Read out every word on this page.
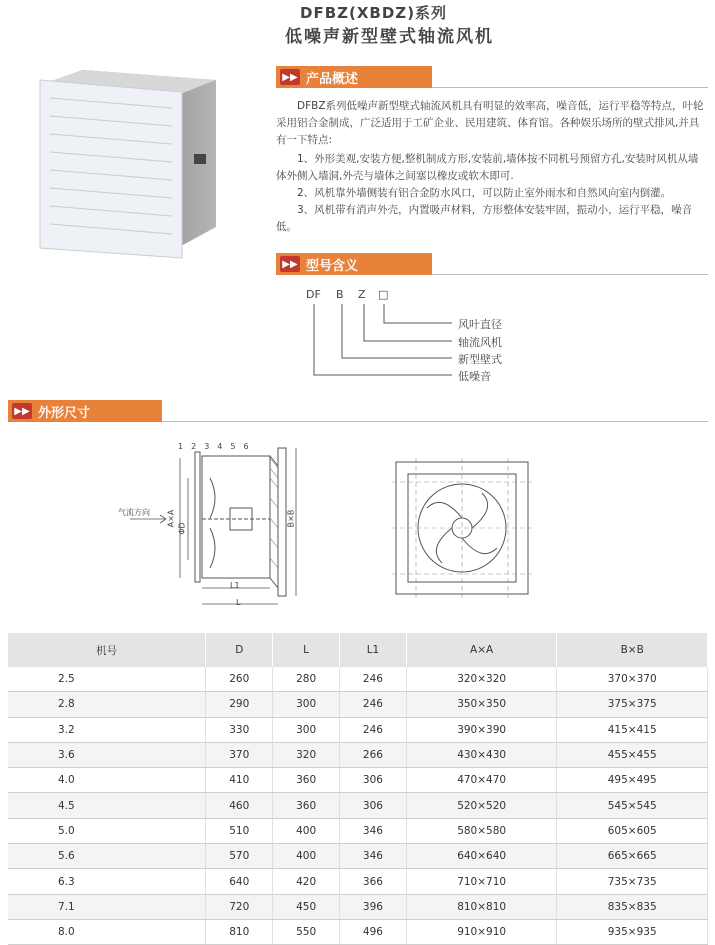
DFBZ(XBDZ)系列
低噪声新型壁式轴流风机
▶▶ 产品概述
DFBZ系列低噪声新型壁式轴流风机具有明显的效率高，噪音低，运行平稳等特点，叶轮采用铝合金制成，广泛适用于工矿企业、民用建筑、体育馆。各种娱乐场所的壁式排风,并具有一下特点:
1、外形美观,安装方便,整机制成方形,安装前,墙体按不同机号预留方孔,安装时风机从墙体外侧入墙洞,外壳与墙体之间塞以橡皮或软木即可.
2、风机靠外墙侧装有铝合金防水风口，可以防止室外雨水和自然风向室内倒灌。
3、风机带有消声外壳，内置吸声材料，方形整体安装牢固，振动小，运行平稳，噪音低。
▶▶ 型号含义
DF B Z □
风叶直径
轴流风机
新型壁式
低噪音
▶▶ 外形尺寸
123456
气流方向 A×A
ΦD
B×B
L1
L
机号	D	L	L1	A×A	B×B
2.5	260	280	246	320×320	370×370
2.8	290	300	246	350×350	375×375
3.2	330	300	246	390×390	415×415
3.6	370	320	266	430×430	455×455
4.0	410	360	306	470×470	495×495
4.5	460	360	306	520×520	545×545
5.0	510	400	346	580×580	605×605
5.6	570	400	346	640×640	665×665
6.3	640	420	366	710×710	735×735
7.1	720	450	396	810×810	835×835
8.0	810	550	496	910×910	935×935
